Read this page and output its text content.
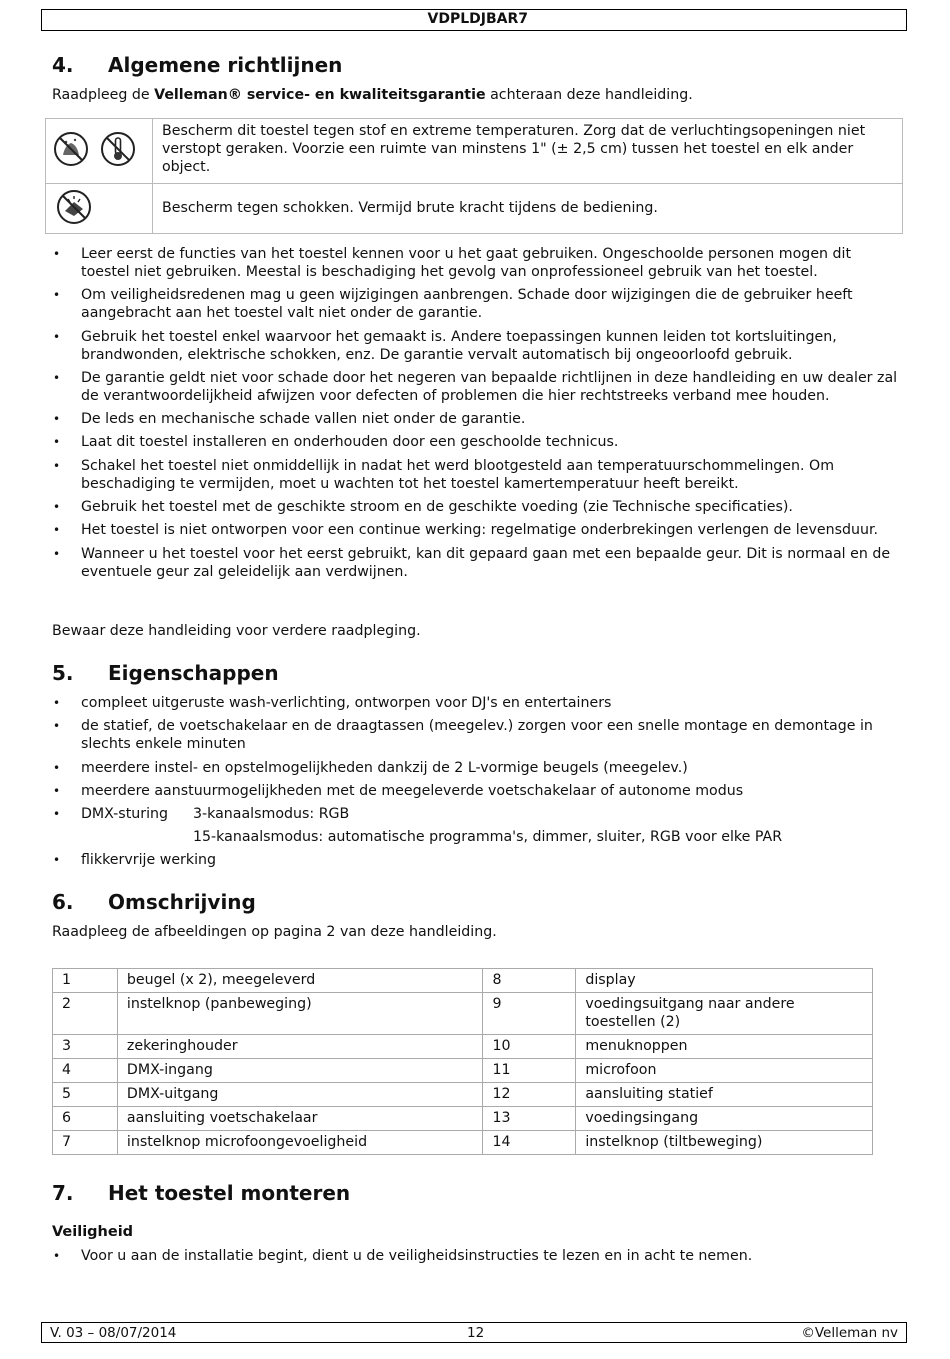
VDPLDJBAR7
4. Algemene richtlijnen

Raadpleeg de Velleman® service- en kwaliteitsgarantie achteraan deze handleiding.

Bescherm dit toestel tegen stof en extreme temperaturen. Zorg dat de verluchtingsopeningen niet verstopt geraken. Voorzie een ruimte van minstens 1" (± 2,5 cm) tussen het toestel en elk ander object.
Bescherm tegen schokken. Vermijd brute kracht tijdens de bediening.
• Leer eerst de functies van het toestel kennen voor u het gaat gebruiken. Ongeschoolde personen mogen dit toestel niet gebruiken. Meestal is beschadiging het gevolg van onprofessioneel gebruik van het toestel.
• Om veiligheidsredenen mag u geen wijzigingen aanbrengen. Schade door wijzigingen die de gebruiker heeft aangebracht aan het toestel valt niet onder de garantie.
• Gebruik het toestel enkel waarvoor het gemaakt is. Andere toepassingen kunnen leiden tot kortsluitingen, brandwonden, elektrische schokken, enz. De garantie vervalt automatisch bij ongeoorloofd gebruik.
• De garantie geldt niet voor schade door het negeren van bepaalde richtlijnen in deze handleiding en uw dealer zal de verantwoordelijkheid afwijzen voor defecten of problemen die hier rechtstreeks verband mee houden.
• De leds en mechanische schade vallen niet onder de garantie.
• Laat dit toestel installeren en onderhouden door een geschoolde technicus.
• Schakel het toestel niet onmiddellijk in nadat het werd blootgesteld aan temperatuurschommelingen. Om beschadiging te vermijden, moet u wachten tot het toestel kamertemperatuur heeft bereikt.
• Gebruik het toestel met de geschikte stroom en de geschikte voeding (zie Technische specificaties).
• Het toestel is niet ontworpen voor een continue werking: regelmatige onderbrekingen verlengen de levensduur.
• Wanneer u het toestel voor het eerst gebruikt, kan dit gepaard gaan met een bepaalde geur. Dit is normaal en de eventuele geur zal geleidelijk aan verdwijnen.

Bewaar deze handleiding voor verdere raadpleging.

5. Eigenschappen
• compleet uitgeruste wash-verlichting, ontworpen voor DJ's en entertainers
• de statief, de voetschakelaar en de draagtassen (meegelev.) zorgen voor een snelle montage en demontage in slechts enkele minuten
• meerdere instel- en opstelmogelijkheden dankzij de 2 L-vormige beugels (meegelev.)
• meerdere aanstuurmogelijkheden met de meegeleverde voetschakelaar of autonome modus
• DMX-sturing	3-kanaalsmodus: RGB
15-kanaalsmodus: automatische programma's, dimmer, sluiter, RGB voor elke PAR
• flikkervrije werking
6. Omschrijving

Raadpleeg de afbeeldingen op pagina 2 van deze handleiding.

1	beugel (x 2), meegeleverd	8	display
2	instelknop (panbeweging)	9	voedingsuitgang naar andere toestellen (2)
3	zekeringhouder	10	menuknoppen
4	DMX-ingang	11	microfoon
5	DMX-uitgang	12	aansluiting statief
6	aansluiting voetschakelaar	13	voedingsingang
7	instelknop microfoongevoeligheid	14	instelknop (tiltbeweging)
7. Het toestel monteren
Veiligheid
• Voor u aan de installatie begint, dient u de veiligheidsinstructies te lezen en in acht te nemen.
V. 03 – 08/07/2014	12	©Velleman nv
